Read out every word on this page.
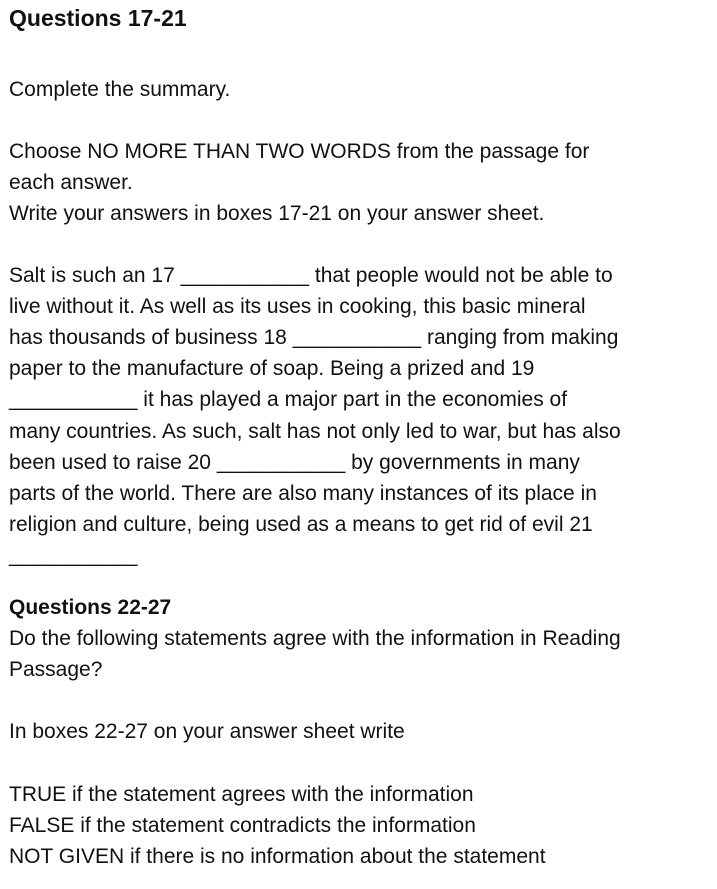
Questions 17-21
Complete the summary.
Choose NO MORE THAN TWO WORDS from the passage for
each answer.
Write your answers in boxes 17-21 on your answer sheet.
Salt is such an 17 ___________ that people would not be able to
live without it. As well as its uses in cooking, this basic mineral
has thousands of business 18 ___________ ranging from making
paper to the manufacture of soap. Being a prized and 19
___________ it has played a major part in the economies of
many countries. As such, salt has not only led to war, but has also
been used to raise 20 ___________ by governments in many
parts of the world. There are also many instances of its place in
religion and culture, being used as a means to get rid of evil 21
___________
Questions 22-27
Do the following statements agree with the information in Reading
Passage?
In boxes 22-27 on your answer sheet write
TRUE if the statement agrees with the information
FALSE if the statement contradicts the information
NOT GIVEN if there is no information about the statement
